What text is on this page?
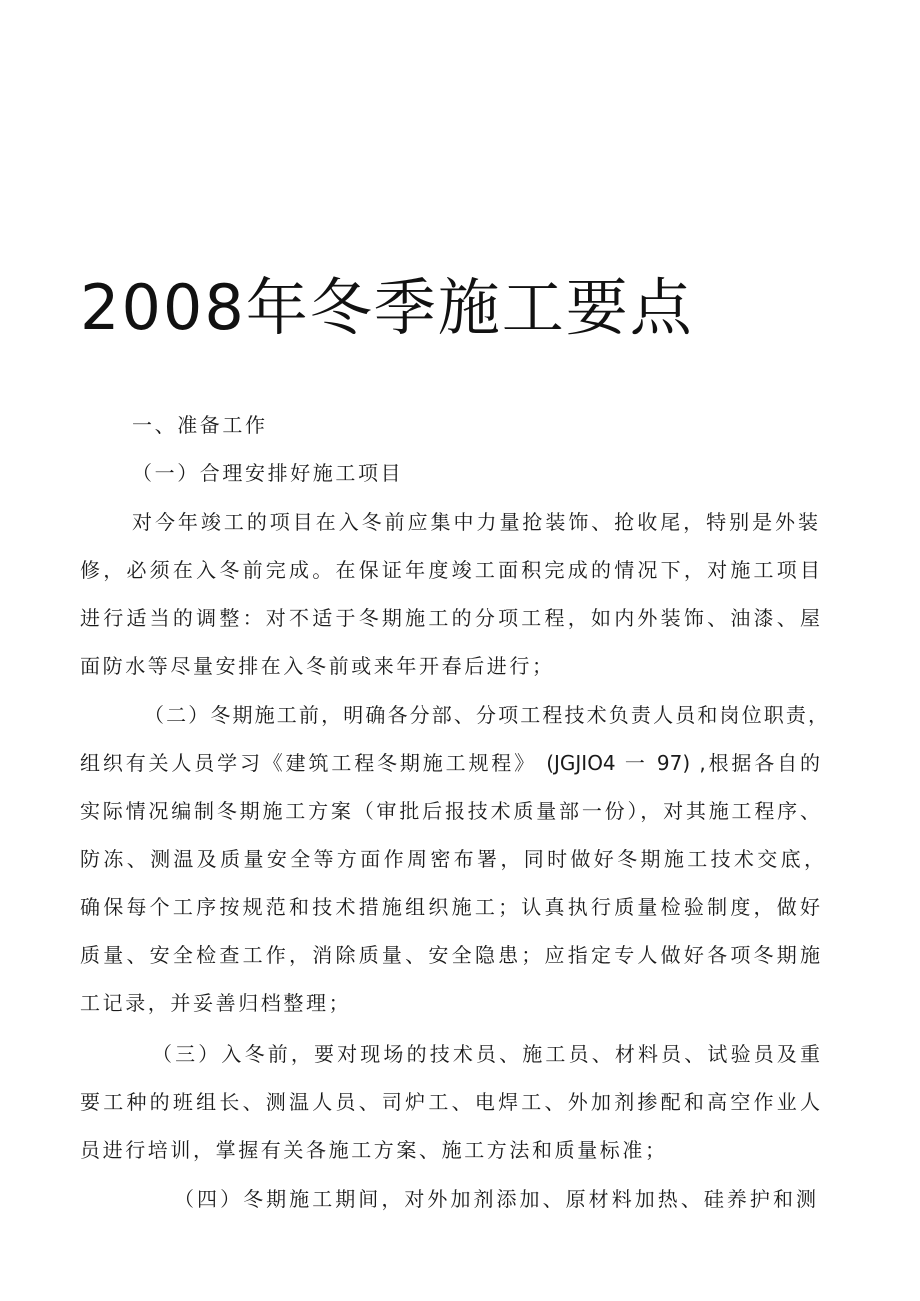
2008年冬季施工要点
一、准备工作
（一）合理安排好施工项目
对今年竣工的项目在入冬前应集中力量抢装饰、抢收尾，特别是外装
修，必须在入冬前完成。在保证年度竣工面积完成的情况下，对施工项目
进行适当的调整：对不适于冬期施工的分项工程，如内外装饰、油漆、屋
面防水等尽量安排在入冬前或来年开春后进行；
（二）冬期施工前，明确各分部、分项工程技术负责人员和岗位职责，
组织有关人员学习《建筑工程冬期施工规程》 (JGJIO4 一 97) ,根据各自的
实际情况编制冬期施工方案（审批后报技术质量部一份），对其施工程序、
防冻、测温及质量安全等方面作周密布署，同时做好冬期施工技术交底，
确保每个工序按规范和技术措施组织施工；认真执行质量检验制度，做好
质量、安全检查工作，消除质量、安全隐患；应指定专人做好各项冬期施
工记录，并妥善归档整理；
（三）入冬前，要对现场的技术员、施工员、材料员、试验员及重
要工种的班组长、测温人员、司炉工、电焊工、外加剂掺配和高空作业人
员进行培训，掌握有关各施工方案、施工方法和质量标准；
（四）冬期施工期间，对外加剂添加、原材料加热、硅养护和测
